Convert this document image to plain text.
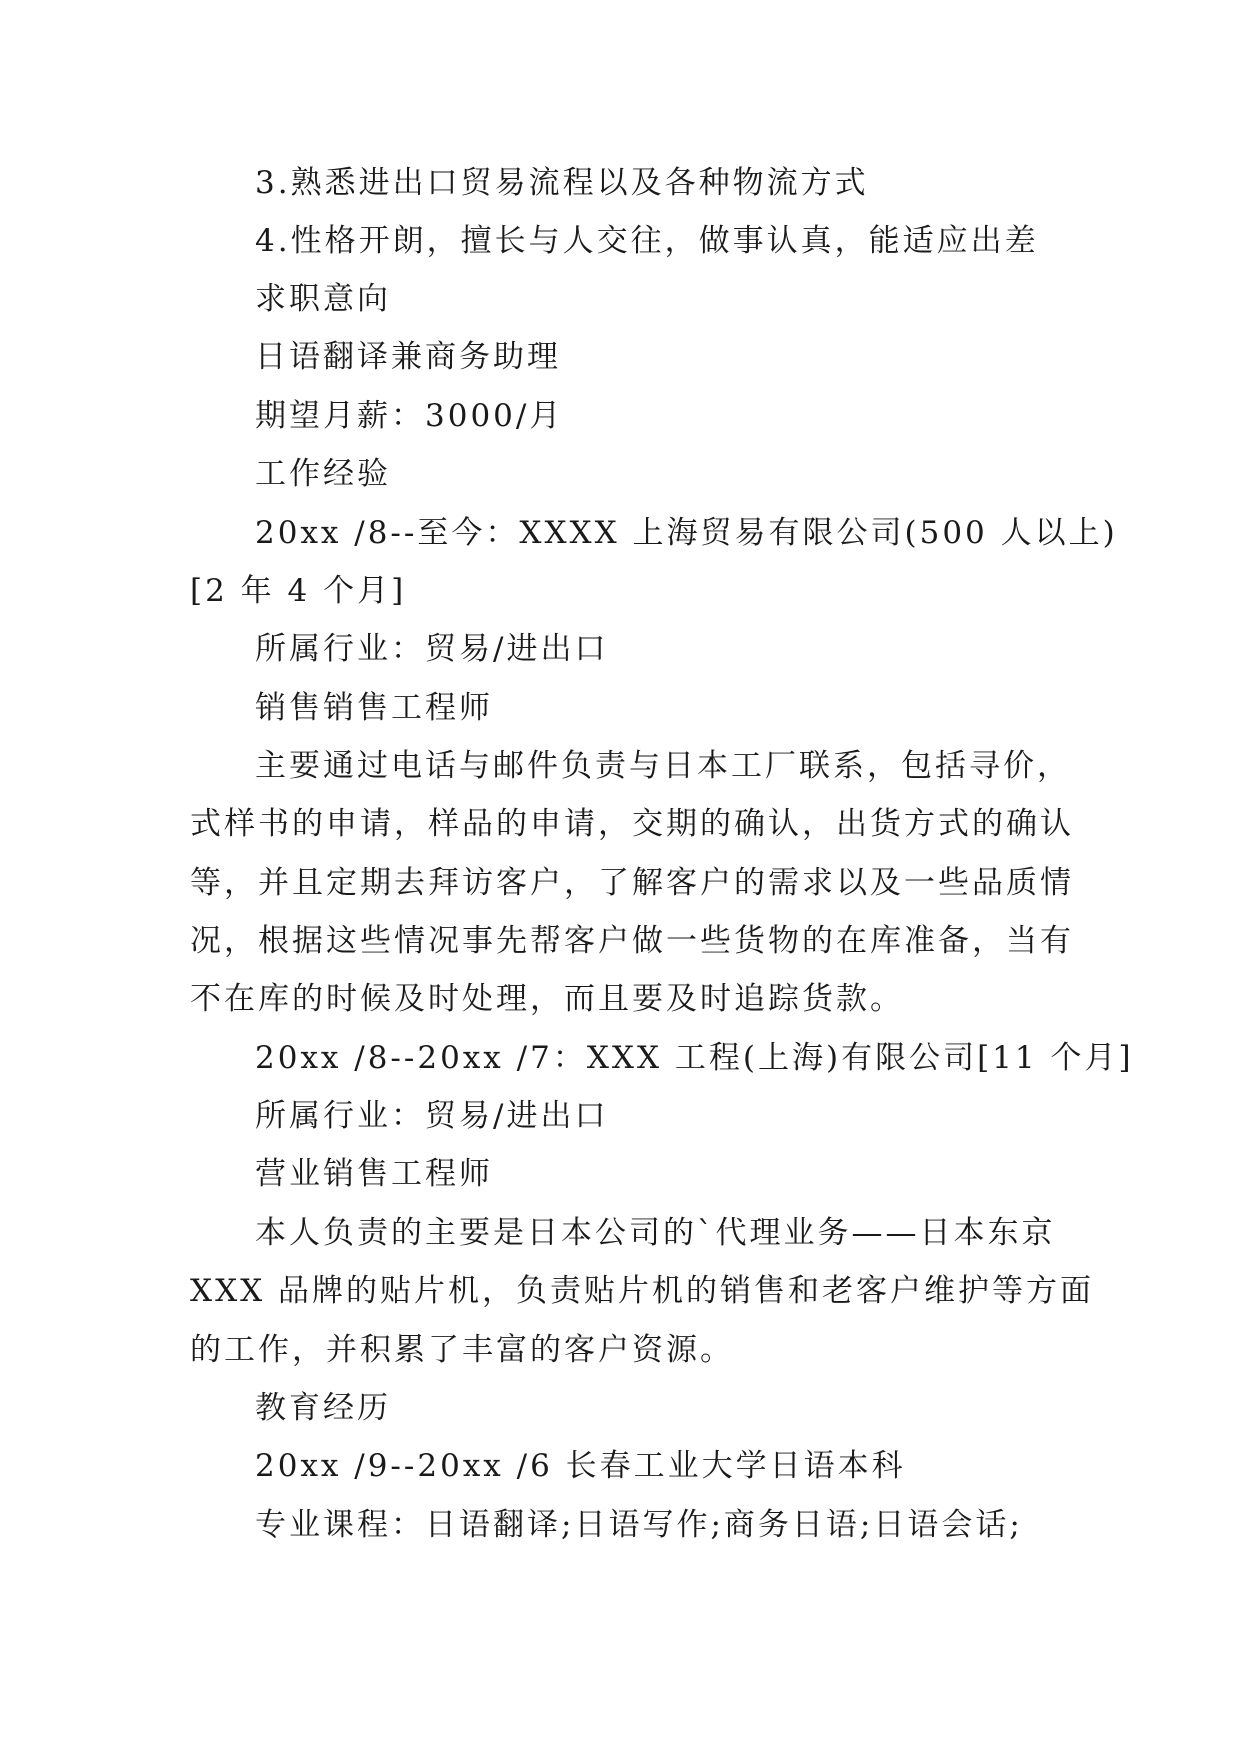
3.熟悉进出口贸易流程以及各种物流方式
4.性格开朗，擅长与人交往，做事认真，能适应出差
求职意向
日语翻译兼商务助理
期望月薪：3000/月
工作经验
20xx /8--至今：XXXX 上海贸易有限公司(500 人以上)
[2 年 4 个月]
所属行业：贸易/进出口
销售销售工程师
主要通过电话与邮件负责与日本工厂联系，包括寻价，
式样书的申请，样品的申请，交期的确认，出货方式的确认
等，并且定期去拜访客户，了解客户的需求以及一些品质情
况，根据这些情况事先帮客户做一些货物的在库准备，当有
不在库的时候及时处理，而且要及时追踪货款。
20xx /8--20xx /7：XXX 工程(上海)有限公司[11 个月]
所属行业：贸易/进出口
营业销售工程师
本人负责的主要是日本公司的`代理业务——日本东京
XXX 品牌的贴片机，负责贴片机的销售和老客户维护等方面
的工作，并积累了丰富的客户资源。
教育经历
20xx /9--20xx /6 长春工业大学日语本科
专业课程：日语翻译;日语写作;商务日语;日语会话;
